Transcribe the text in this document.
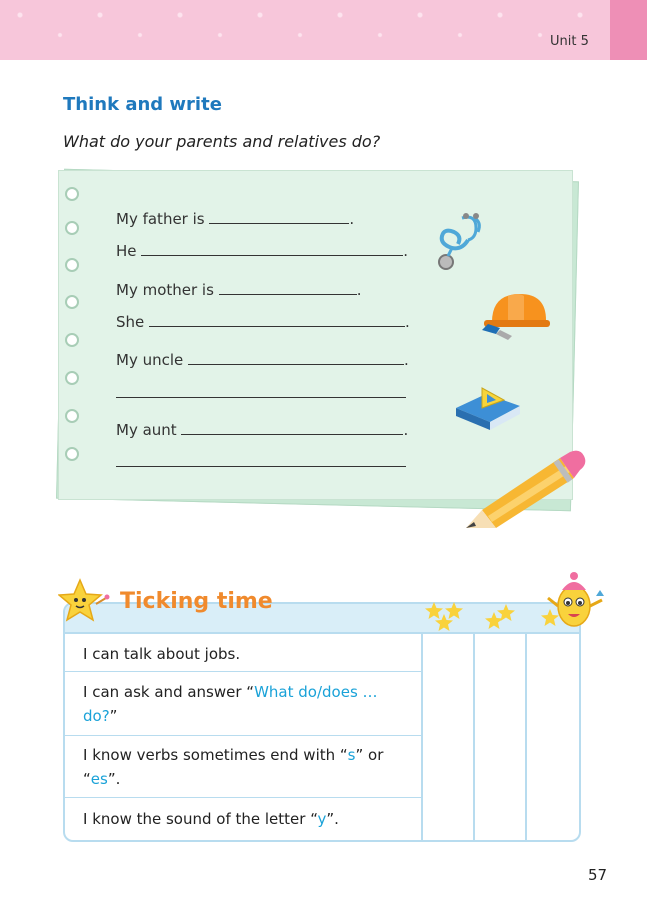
Unit 5
Think and write
What do your parents and relatives do?
My father is	.
He	.
My mother is	.
She	.
My uncle	.
My aunt	.
I can talk about jobs.
I can ask and answer “What do/does … do?”
I know verbs sometimes end with “s” or “es”.
I know the sound of the letter “y”.
Ticking time
57
